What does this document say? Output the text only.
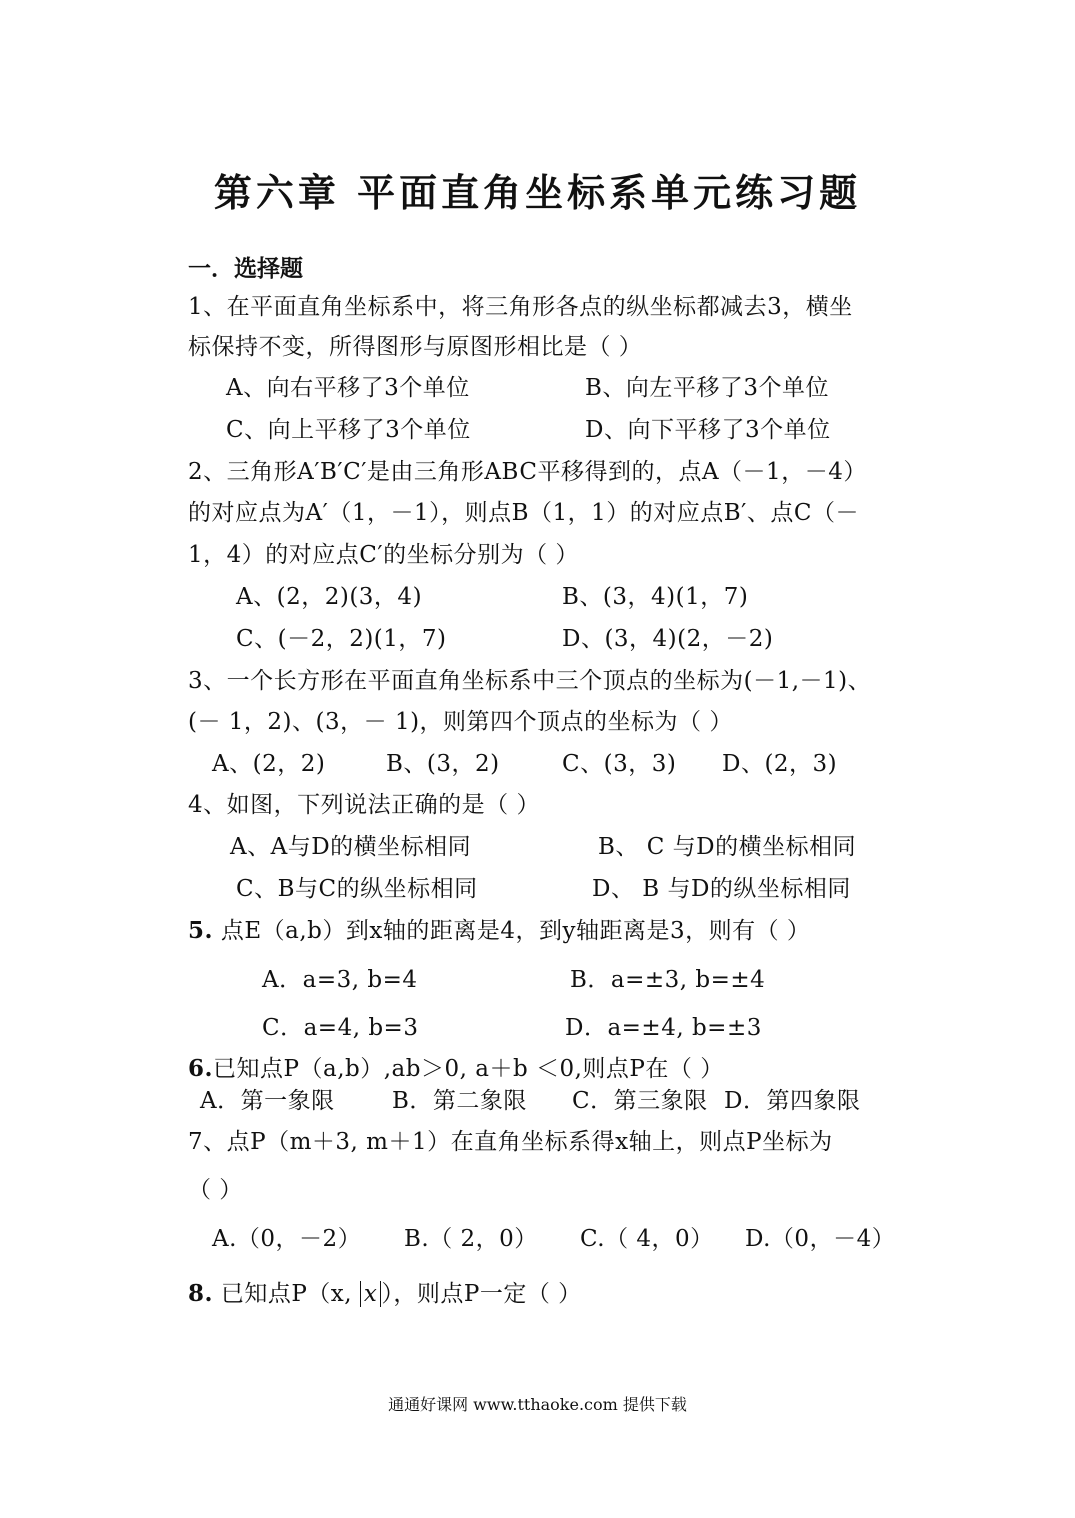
第六章 平面直角坐标系单元练习题
一．选择题
1、在平面直角坐标系中，将三角形各点的纵坐标都减去3，横坐
标保持不变，所得图形与原图形相比是（ ）
A、向右平移了3个单位	B、向左平移了3个单位
C、向上平移了3个单位	D、向下平移了3个单位
2、三角形A′B′C′是由三角形ABC平移得到的，点A（－1，－4）
的对应点为A′（1，－1），则点B（1，1）的对应点B′、点C（－
1，4）的对应点C′的坐标分别为（ ）
A、(2，2)(3，4)	B、(3，4)(1，7)
C、(－2，2)(1，7)	D、(3，4)(2，－2)
3、一个长方形在平面直角坐标系中三个顶点的坐标为(－1,－1)、
(－ 1，2)、(3，－ 1)，则第四个顶点的坐标为（ ）
A、(2，2)	B、(3，2)	C、(3，3) D、(2，3)
4、如图，下列说法正确的是（ ）
A、A与D的横坐标相同	B、 C 与D的横坐标相同
C、B与C的纵坐标相同	D、 B 与D的纵坐标相同
5. 点E（a,b）到x轴的距离是4，到y轴距离是3，则有（ ）
A．a=3, b=4	B．a=±3, b=±4
C．a=4, b=3	D．a=±4, b=±3
6.已知点P（a,b）,ab＞0, a＋b ＜0,则点P在（ ）
A．第一象限 B．第二象限 C．第三象限 D．第四象限
7、点P（m＋3, m＋1）在直角坐标系得x轴上，则点P坐标为
（ ）
A.（0，－2） B.（ 2，0） C.（ 4，0） D.（0，－4）
8. 已知点P（x, x ），则点P一定（ ）
通通好课网 www.tthaoke.com 提供下载
